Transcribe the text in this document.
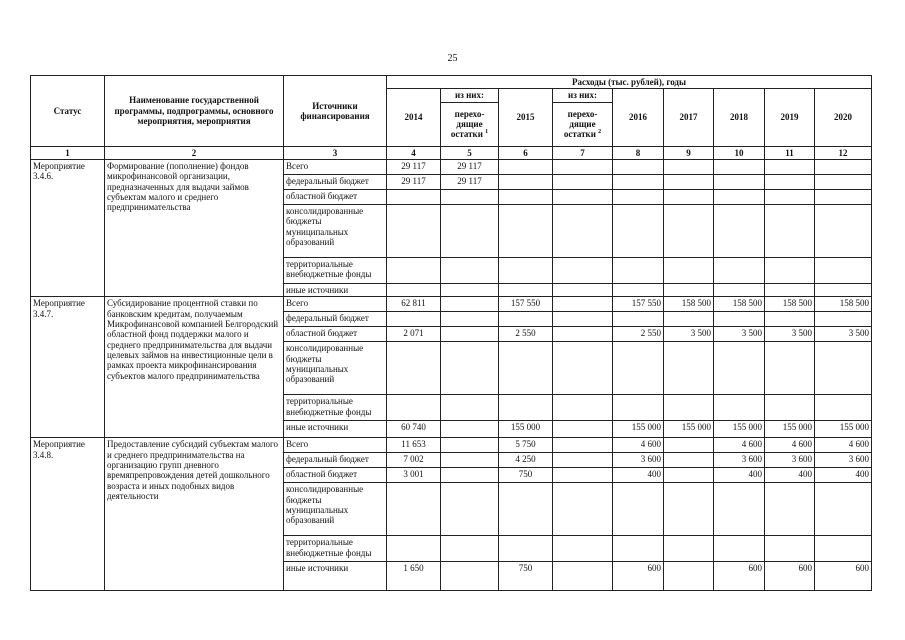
25
Статус	Наименование государственной программы, подпрограммы, основного мероприятия, мероприятия	Источники финансирования	Расходы (тыс. рублей), годы								
			2014	из них:	2015	из них:	2016	2017	2018	2019	2020
				перехо-дящие остатки $^1$		перехо-дящие остатки $^2$
1	2	3	4	5	6	7	8	9	10	11	12
Мероприятие 3.4.6.	Формирование (пополнение) фондов микрофинансовой организации, предназначенных для выдачи займов субъектам малого и среднего предпринимательства	Всего	29 117	29 117							
		федеральный бюджет	29 117	29 117							
		областной бюджет									
		консолидированные бюджеты муниципальных образований									
		территориальные внебюджетные фонды									
		иные источники									
Мероприятие 3.4.7.	Субсидирование процентной ставки по банковским кредитам, получаемым Микрофинансовой компанией Белгородский областной фонд поддержки малого и среднего предпринимательства для выдачи целевых займов на инвестиционные цели в рамках проекта микрофинансирования субъектов малого предпринимательства	Всего	62 811		157 550		157 550	158 500	158 500	158 500	158 500
		федеральный бюджет									
		областной бюджет	2 071		2 550		2 550	3 500	3 500	3 500	3 500
		консолидированные бюджеты муниципальных образований									
		территориальные внебюджетные фонды									
		иные источники	60 740		155 000		155 000	155 000	155 000	155 000	155 000
Мероприятие 3.4.8.	Предоставление субсидий субъектам малого и среднего предпринимательства на организацию групп дневного времяпрепровождения детей дошкольного возраста и иных подобных видов деятельности	Всего	11 653		5 750		4 600		4 600	4 600	4 600
		федеральный бюджет	7 002		4 250		3 600		3 600	3 600	3 600
		областной бюджет	3 001		750		400		400	400	400
		консолидированные бюджеты муниципальных образований									
		территориальные внебюджетные фонды									
		иные источники	1 650		750		600		600	600	600
